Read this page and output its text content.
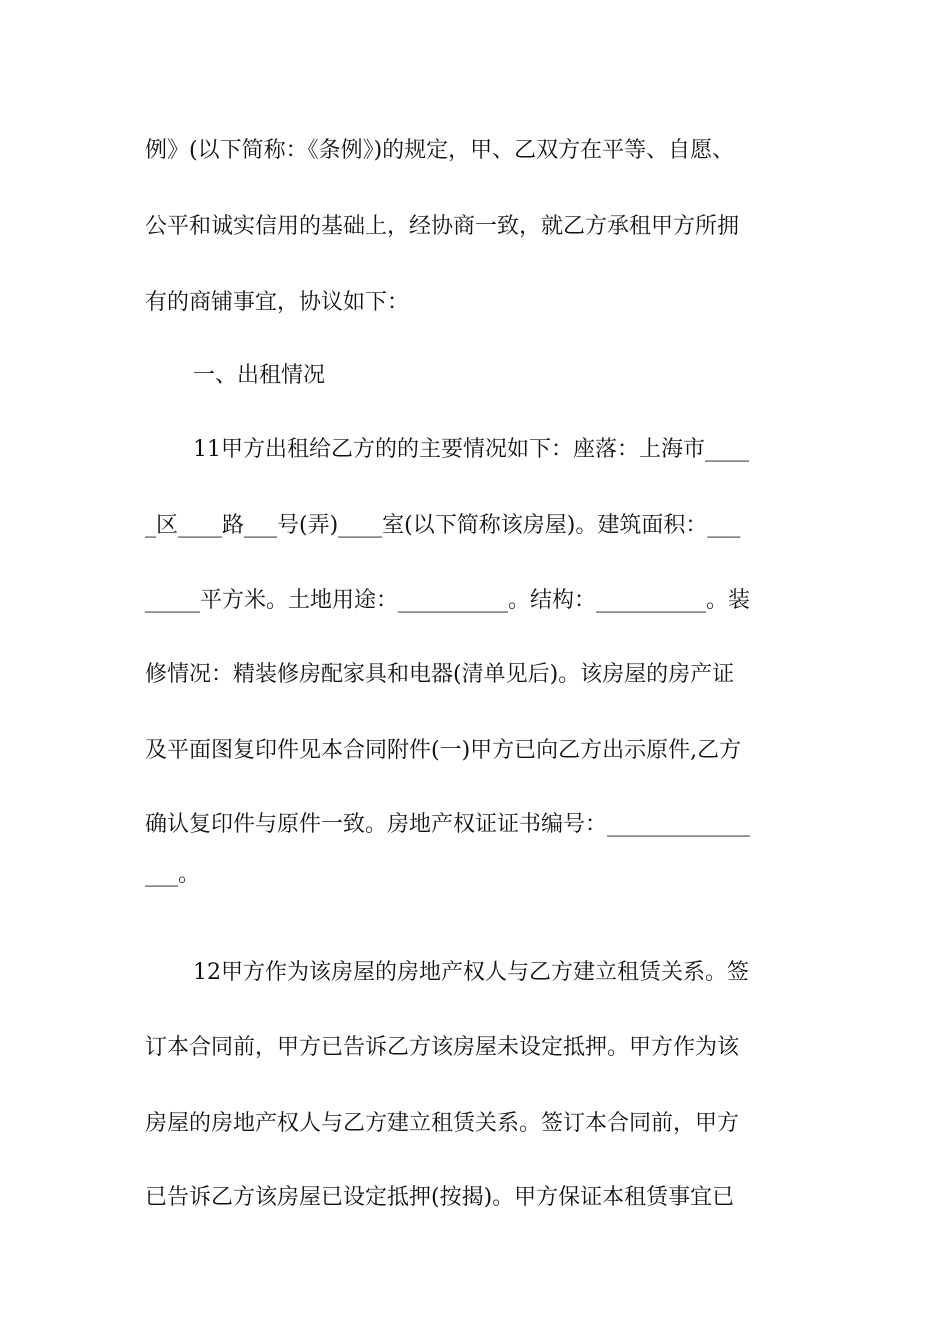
例》(以下简称：《条例》)的规定，甲、乙双方在平等、自愿、
公平和诚实信用的基础上，经协商一致，就乙方承租甲方所拥
有的商铺事宜，协议如下：
一、出租情况
11甲方出租给乙方的的主要情况如下：座落：上海市____
_区____路___号(弄)____室(以下简称该房屋)。建筑面积：___
_____平方米。土地用途：__________。结构：__________。装
修情况：精装修房配家具和电器(清单见后)。该房屋的房产证
及平面图复印件见本合同附件(一)甲方已向乙方出示原件,乙方
确认复印件与原件一致。房地产权证证书编号：_____________
___。
12甲方作为该房屋的房地产权人与乙方建立租赁关系。签
订本合同前，甲方已告诉乙方该房屋未设定抵押。甲方作为该
房屋的房地产权人与乙方建立租赁关系。签订本合同前，甲方
已告诉乙方该房屋已设定抵押(按揭)。甲方保证本租赁事宜已
